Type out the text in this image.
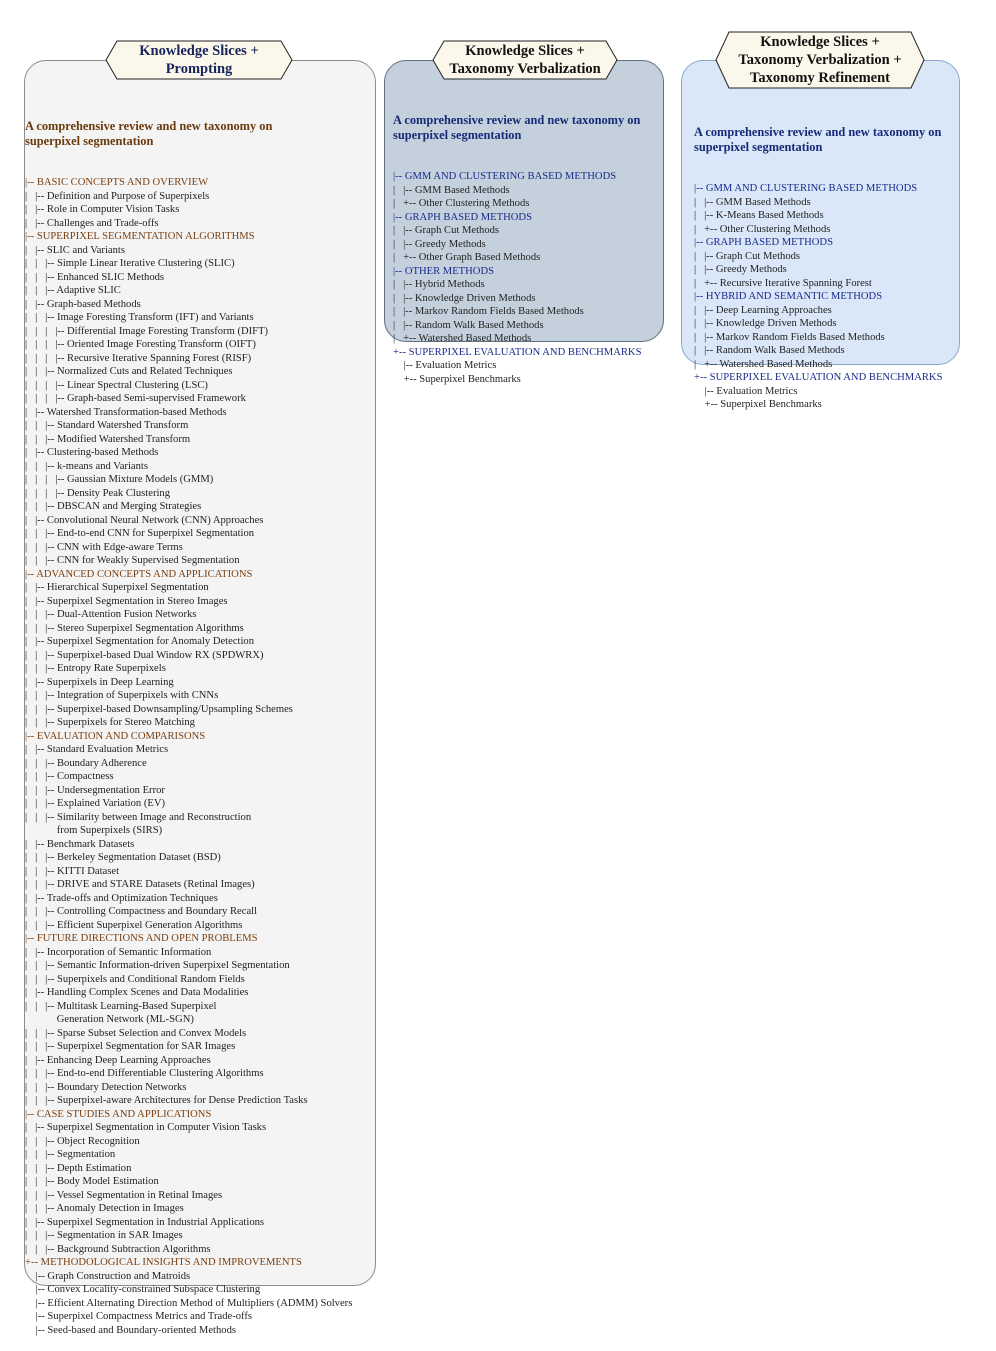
Knowledge Slices +
Prompting
Knowledge Slices +
Taxonomy Verbalization
Knowledge Slices +
Taxonomy Verbalization +
Taxonomy Refinement

A comprehensive review and new taxonomy on superpixel segmentation

|-- BASIC CONCEPTS AND OVERVIEW
|   |-- Definition and Purpose of Superpixels
|   |-- Role in Computer Vision Tasks
|   |-- Challenges and Trade-offs
|-- SUPERPIXEL SEGMENTATION ALGORITHMS
|   |-- SLIC and Variants
|   |   |-- Simple Linear Iterative Clustering (SLIC)
|   |   |-- Enhanced SLIC Methods
|   |   |-- Adaptive SLIC
|   |-- Graph-based Methods
|   |   |-- Image Foresting Transform (IFT) and Variants
|   |   |   |-- Differential Image Foresting Transform (DIFT)
|   |   |   |-- Oriented Image Foresting Transform (OIFT)
|   |   |   |-- Recursive Iterative Spanning Forest (RISF)
|   |   |-- Normalized Cuts and Related Techniques
|   |   |   |-- Linear Spectral Clustering (LSC)
|   |   |   |-- Graph-based Semi-supervised Framework
|   |-- Watershed Transformation-based Methods
|   |   |-- Standard Watershed Transform
|   |   |-- Modified Watershed Transform
|   |-- Clustering-based Methods
|   |   |-- k-means and Variants
|   |   |   |-- Gaussian Mixture Models (GMM)
|   |   |   |-- Density Peak Clustering
|   |   |-- DBSCAN and Merging Strategies
|   |-- Convolutional Neural Network (CNN) Approaches
|   |   |-- End-to-end CNN for Superpixel Segmentation
|   |   |-- CNN with Edge-aware Terms
|   |   |-- CNN for Weakly Supervised Segmentation
|-- ADVANCED CONCEPTS AND APPLICATIONS
|   |-- Hierarchical Superpixel Segmentation
|   |-- Superpixel Segmentation in Stereo Images
|   |   |-- Dual-Attention Fusion Networks
|   |   |-- Stereo Superpixel Segmentation Algorithms
|   |-- Superpixel Segmentation for Anomaly Detection
|   |   |-- Superpixel-based Dual Window RX (SPDWRX)
|   |   |-- Entropy Rate Superpixels
|   |-- Superpixels in Deep Learning
|   |   |-- Integration of Superpixels with CNNs
|   |   |-- Superpixel-based Downsampling/Upsampling Schemes
|   |   |-- Superpixels for Stereo Matching
|-- EVALUATION AND COMPARISONS
|   |-- Standard Evaluation Metrics
|   |   |-- Boundary Adherence
|   |   |-- Compactness
|   |   |-- Undersegmentation Error
|   |   |-- Explained Variation (EV)
|   |   |-- Similarity between Image and Reconstruction
from Superpixels (SIRS)
|   |-- Benchmark Datasets
|   |   |-- Berkeley Segmentation Dataset (BSD)
|   |   |-- KITTI Dataset
|   |   |-- DRIVE and STARE Datasets (Retinal Images)
|   |-- Trade-offs and Optimization Techniques
|   |   |-- Controlling Compactness and Boundary Recall
|   |   |-- Efficient Superpixel Generation Algorithms
|-- FUTURE DIRECTIONS AND OPEN PROBLEMS
|   |-- Incorporation of Semantic Information
|   |   |-- Semantic Information-driven Superpixel Segmentation
|   |   |-- Superpixels and Conditional Random Fields
|   |-- Handling Complex Scenes and Data Modalities
|   |   |-- Multitask Learning-Based Superpixel
Generation Network (ML-SGN)
|   |   |-- Sparse Subset Selection and Convex Models
|   |   |-- Superpixel Segmentation for SAR Images
|   |-- Enhancing Deep Learning Approaches
|   |   |-- End-to-end Differentiable Clustering Algorithms
|   |   |-- Boundary Detection Networks
|   |   |-- Superpixel-aware Architectures for Dense Prediction Tasks
|-- CASE STUDIES AND APPLICATIONS
|   |-- Superpixel Segmentation in Computer Vision Tasks
|   |   |-- Object Recognition
|   |   |-- Segmentation
|   |   |-- Depth Estimation
|   |   |-- Body Model Estimation
|   |   |-- Vessel Segmentation in Retinal Images
|   |   |-- Anomaly Detection in Images
|   |-- Superpixel Segmentation in Industrial Applications
|   |   |-- Segmentation in SAR Images
|   |   |-- Background Subtraction Algorithms
+-- METHODOLOGICAL INSIGHTS AND IMPROVEMENTS
|-- Graph Construction and Matroids
|-- Convex Locality-constrained Subspace Clustering
|-- Efficient Alternating Direction Method of Multipliers (ADMM) Solvers
|-- Superpixel Compactness Metrics and Trade-offs
|-- Seed-based and Boundary-oriented Methods

A comprehensive review and new taxonomy on superpixel segmentation

|-- GMM AND CLUSTERING BASED METHODS
|   |-- GMM Based Methods
|   +-- Other Clustering Methods
|-- GRAPH BASED METHODS
|   |-- Graph Cut Methods
|   |-- Greedy Methods
|   +-- Other Graph Based Methods
|-- OTHER METHODS
|   |-- Hybrid Methods
|   |-- Knowledge Driven Methods
|   |-- Markov Random Fields Based Methods
|   |-- Random Walk Based Methods
|   +-- Watershed Based Methods
+-- SUPERPIXEL EVALUATION AND BENCHMARKS
|-- Evaluation Metrics
+-- Superpixel Benchmarks

A comprehensive review and new taxonomy on superpixel segmentation

|-- GMM AND CLUSTERING BASED METHODS
|   |-- GMM Based Methods
|   |-- K-Means Based Methods
|   +-- Other Clustering Methods
|-- GRAPH BASED METHODS
|   |-- Graph Cut Methods
|   |-- Greedy Methods
|   +-- Recursive Iterative Spanning Forest
|-- HYBRID AND SEMANTIC METHODS
|   |-- Deep Learning Approaches
|   |-- Knowledge Driven Methods
|   |-- Markov Random Fields Based Methods
|   |-- Random Walk Based Methods
|   +-- Watershed Based Methods
+-- SUPERPIXEL EVALUATION AND BENCHMARKS
|-- Evaluation Metrics
+-- Superpixel Benchmarks
